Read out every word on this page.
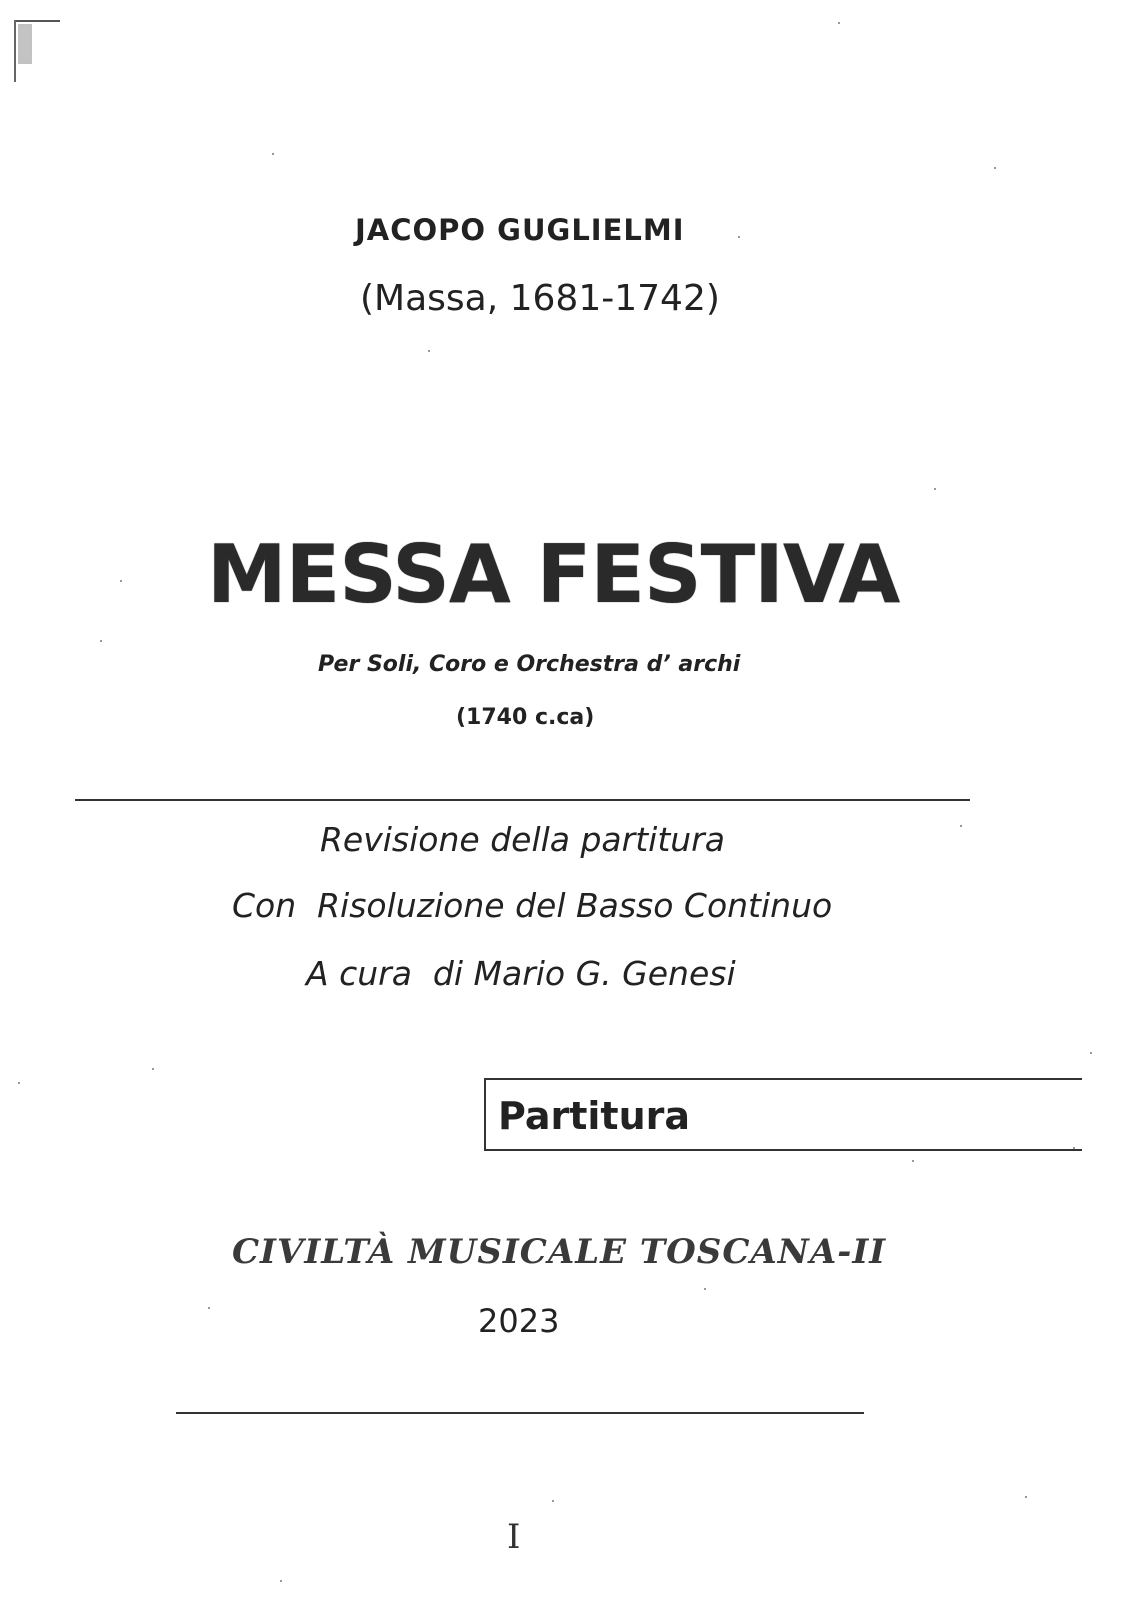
JACOPO GUGLIELMI
(Massa, 1681-1742)
MESSA FESTIVA
Per Soli, Coro e Orchestra d’ archi
(1740 c.ca)
Revisione della partitura
Con  Risoluzione del Basso Continuo
A cura  di Mario G. Genesi
Partitura
CIVILTÀ MUSICALE TOSCANA-II
2023
I
